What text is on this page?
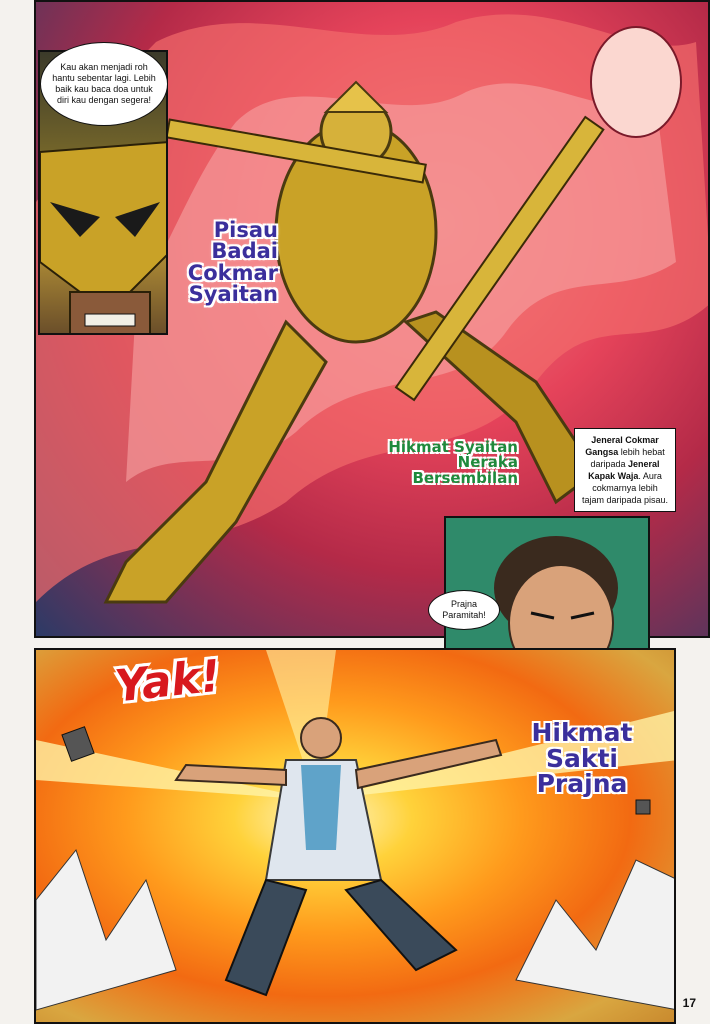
Kau akan menjadi roh hantu sebentar lagi. Lebih baik kau baca doa untuk diri kau dengan segera!
Pisau Badai Cokmar Syaitan
Hikmat Syaitan Neraka Bersembilan
Jeneral Cokmar Gangsa lebih hebat daripada Jeneral Kapak Waja. Aura cokmarnya lebih tajam daripada pisau.
Prajna Paramitah!
Yak!
Hikmat Sakti Prajna
17
